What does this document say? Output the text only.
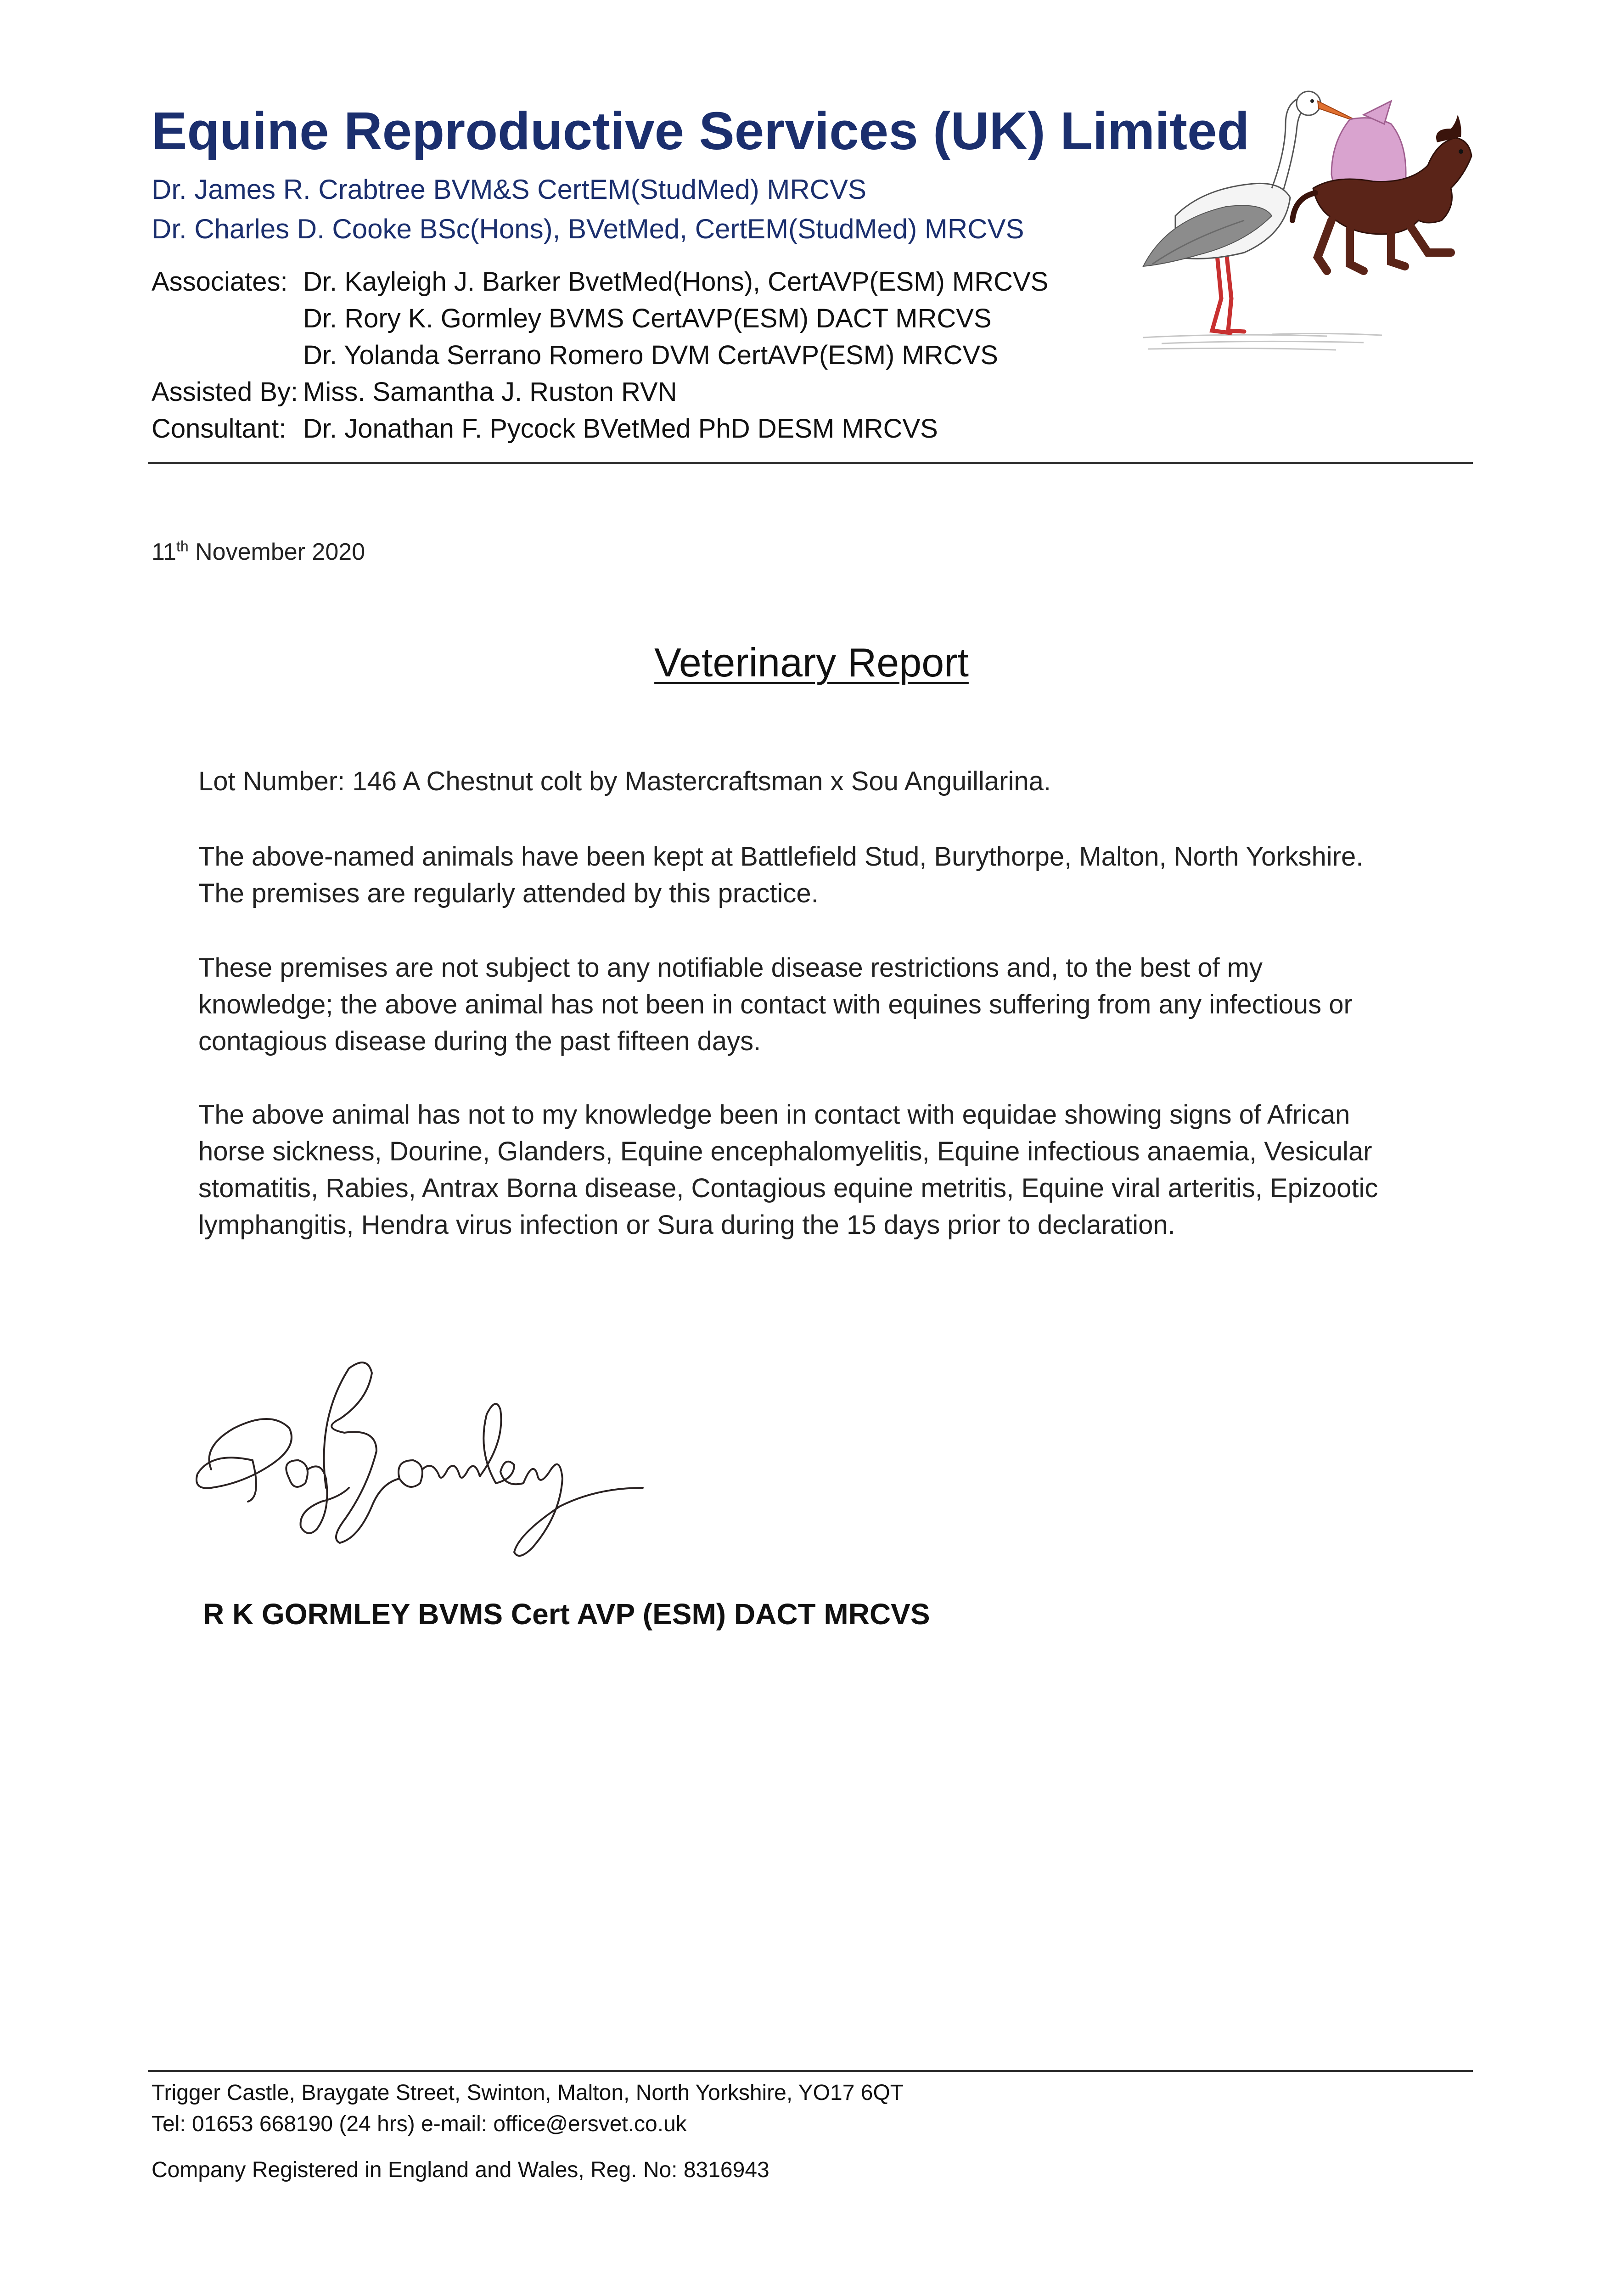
Equine Reproductive Services (UK) Limited
Dr. James R. Crabtree BVM&S CertEM(StudMed) MRCVS
Dr. Charles D. Cooke BSc(Hons), BVetMed, CertEM(StudMed) MRCVS
Associates: Dr. Kayleigh J. Barker BvetMed(Hons), CertAVP(ESM) MRCVS
Dr. Rory K. Gormley BVMS CertAVP(ESM) DACT MRCVS
Dr. Yolanda Serrano Romero DVM CertAVP(ESM) MRCVS
Assisted By: Miss. Samantha J. Ruston RVN
Consultant: Dr. Jonathan F. Pycock BVetMed PhD DESM MRCVS
11th November 2020
Veterinary Report

Lot Number: 146 A Chestnut colt by Mastercraftsman x Sou Anguillarina.

The above-named animals have been kept at Battlefield Stud, Burythorpe, Malton, North Yorkshire.
The premises are regularly attended by this practice.

These premises are not subject to any notifiable disease restrictions and, to the best of my
knowledge; the above animal has not been in contact with equines suffering from any infectious or
contagious disease during the past fifteen days.

The above animal has not to my knowledge been in contact with equidae showing signs of African
horse sickness, Dourine, Glanders, Equine encephalomyelitis, Equine infectious anaemia, Vesicular
stomatitis, Rabies, Antrax Borna disease, Contagious equine metritis, Equine viral arteritis, Epizootic
lymphangitis, Hendra virus infection or Sura during the 15 days prior to declaration.

R K GORMLEY BVMS Cert AVP (ESM) DACT MRCVS
Trigger Castle, Braygate Street, Swinton, Malton, North Yorkshire, YO17 6QT
Tel: 01653 668190 (24 hrs) e-mail: office@ersvet.co.uk
Company Registered in England and Wales, Reg. No: 8316943
